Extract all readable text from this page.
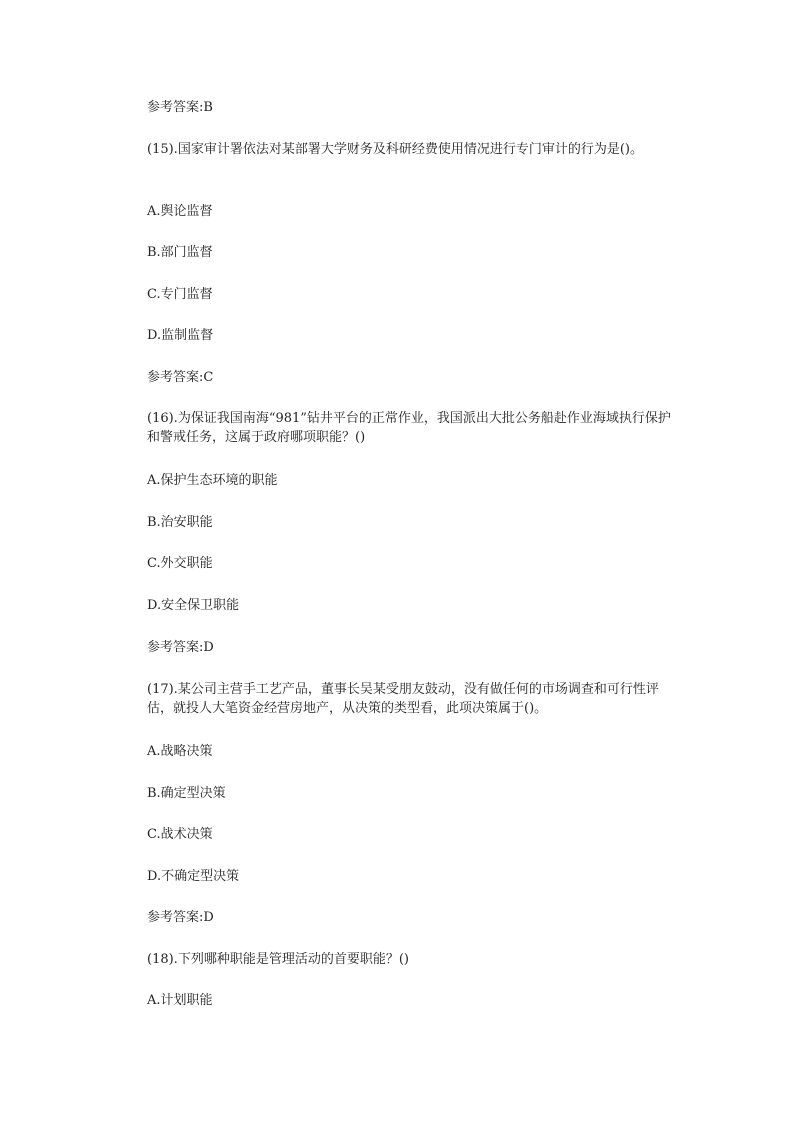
参考答案:B
(15).国家审计署依法对某部署大学财务及科研经费使用情况进行专门审计的行为是()。
A.舆论监督
B.部门监督
C.专门监督
D.监制监督
参考答案:C
(16).为保证我国南海“981”钻井平台的正常作业，我国派出大批公务船赴作业海域执行保护和警戒任务，这属于政府哪项职能？()
A.保护生态环境的职能
B.治安职能
C.外交职能
D.安全保卫职能
参考答案:D
(17).某公司主营手工艺产品，董事长吴某受朋友鼓动，没有做任何的市场调查和可行性评估，就投人大笔资金经营房地产，从决策的类型看，此项决策属于()。
A.战略决策
B.确定型决策
C.战术决策
D.不确定型决策
参考答案:D
(18).下列哪种职能是管理活动的首要职能？()
A.计划职能
